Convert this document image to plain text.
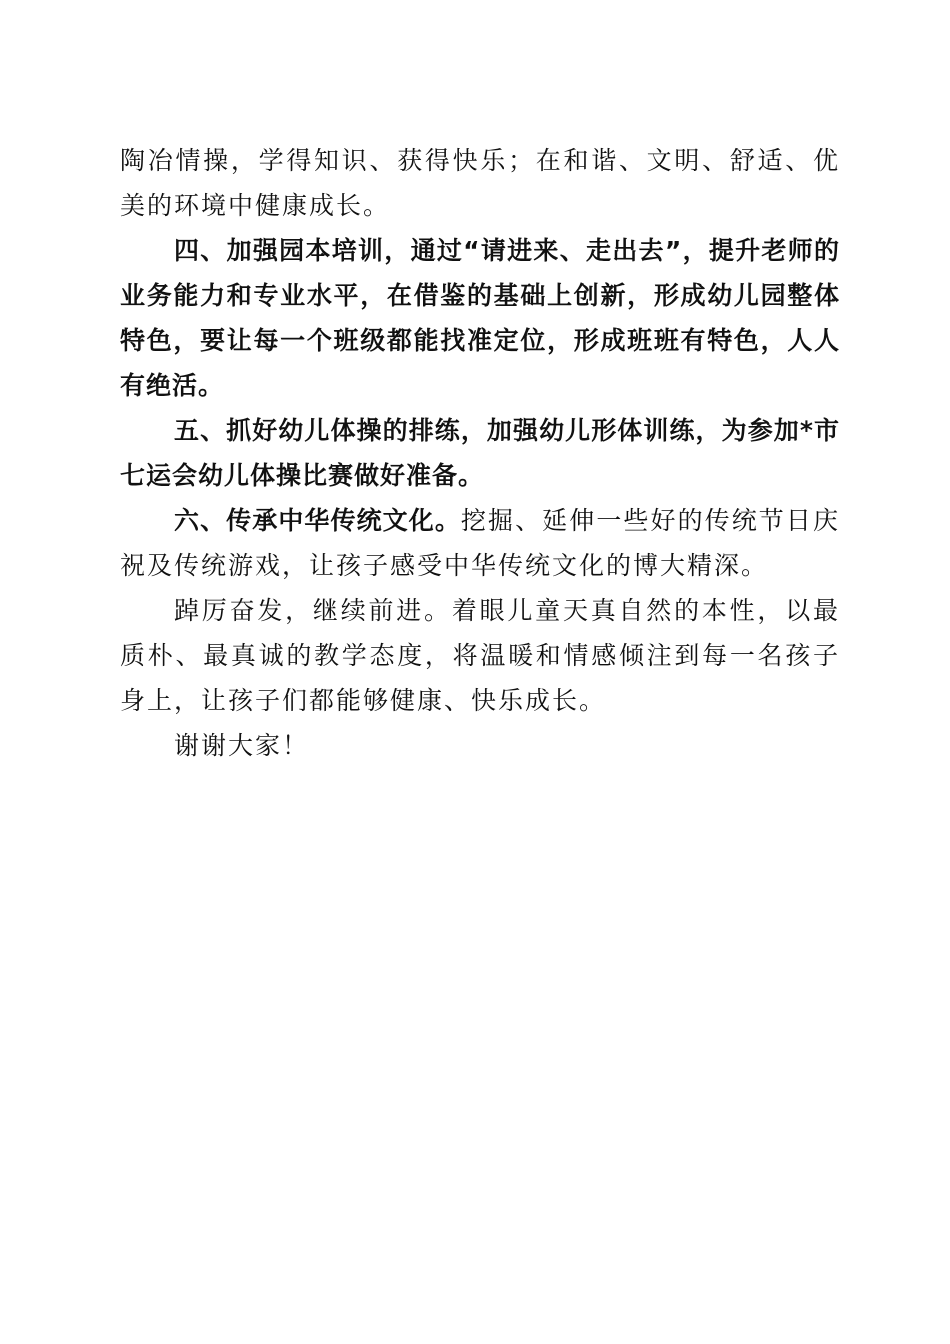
陶冶情操，学得知识、获得快乐；在和谐、文明、舒适、优美的环境中健康成长。

四、加强园本培训，通过“请进来、走出去”，提升老师的业务能力和专业水平，在借鉴的基础上创新，形成幼儿园整体特色，要让每一个班级都能找准定位，形成班班有特色，人人有绝活。

五、抓好幼儿体操的排练，加强幼儿形体训练，为参加*市七运会幼儿体操比赛做好准备。

六、传承中华传统文化。挖掘、延伸一些好的传统节日庆祝及传统游戏，让孩子感受中华传统文化的博大精深。

踔厉奋发，继续前进。着眼儿童天真自然的本性，以最质朴、最真诚的教学态度，将温暖和情感倾注到每一名孩子身上，让孩子们都能够健康、快乐成长。

谢谢大家！
